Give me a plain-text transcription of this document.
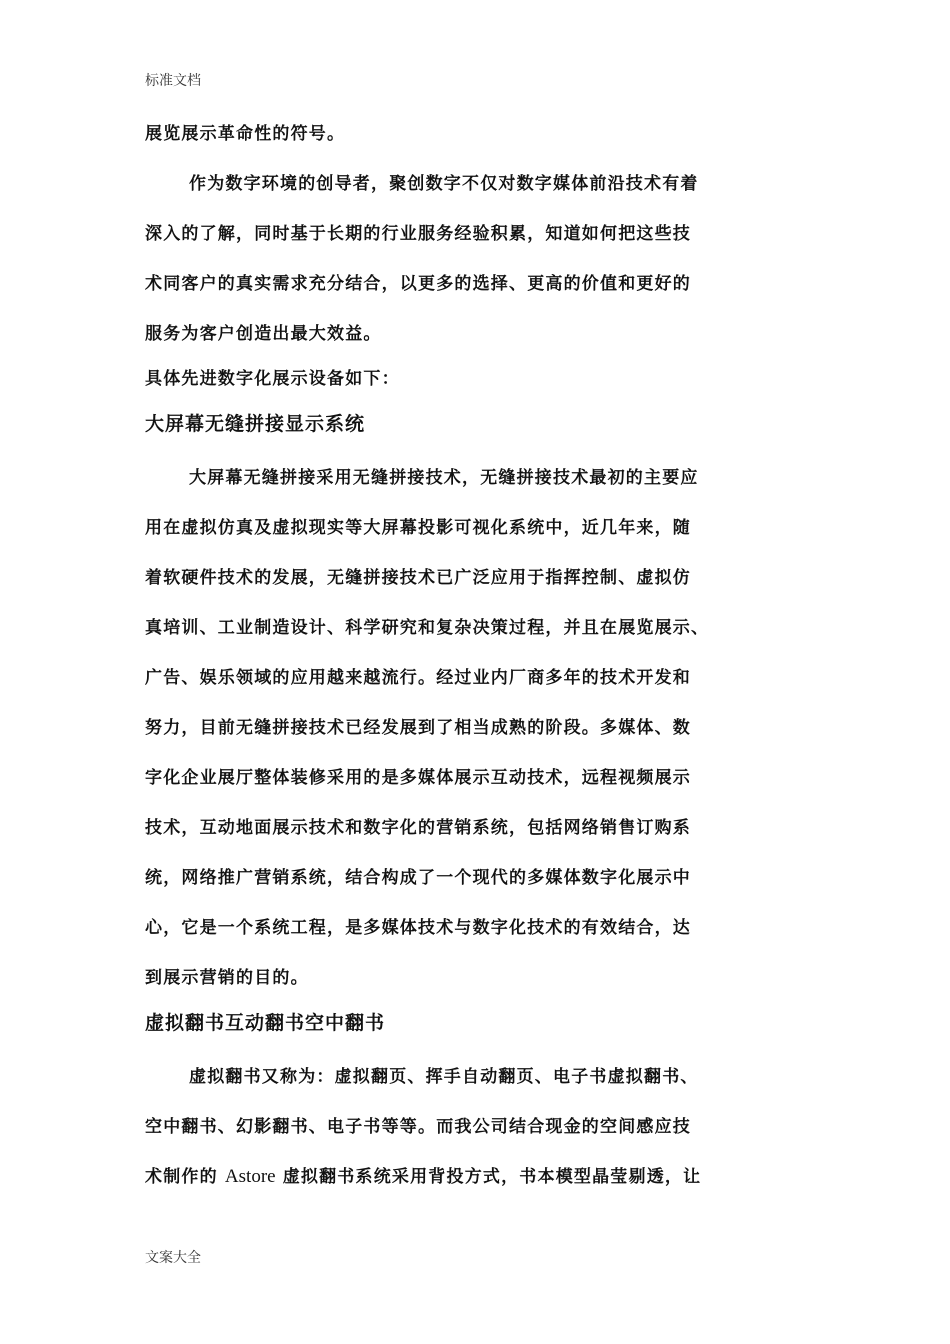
标准文档
展览展示革命性的符号。
作为数字环境的创导者，聚创数字不仅对数字媒体前沿技术有着
深入的了解，同时基于长期的行业服务经验积累，知道如何把这些技
术同客户的真实需求充分结合，以更多的选择、更高的价值和更好的
服务为客户创造出最大效益。
具体先进数字化展示设备如下：
大屏幕无缝拼接显示系统
大屏幕无缝拼接采用无缝拼接技术，无缝拼接技术最初的主要应
用在虚拟仿真及虚拟现实等大屏幕投影可视化系统中，近几年来，随
着软硬件技术的发展，无缝拼接技术已广泛应用于指挥控制、虚拟仿
真培训、工业制造设计、科学研究和复杂决策过程，并且在展览展示、
广告、娱乐领域的应用越来越流行。经过业内厂商多年的技术开发和
努力，目前无缝拼接技术已经发展到了相当成熟的阶段。多媒体、数
字化企业展厅整体装修采用的是多媒体展示互动技术，远程视频展示
技术，互动地面展示技术和数字化的营销系统，包括网络销售订购系
统，网络推广营销系统，结合构成了一个现代的多媒体数字化展示中
心，它是一个系统工程，是多媒体技术与数字化技术的有效结合，达
到展示营销的目的。
虚拟翻书互动翻书空中翻书
虚拟翻书又称为：虚拟翻页、挥手自动翻页、电子书虚拟翻书、
空中翻书、幻影翻书、电子书等等。而我公司结合现金的空间感应技
术制作的 Astore 虚拟翻书系统采用背投方式，书本模型晶莹剔透，让
文案大全
